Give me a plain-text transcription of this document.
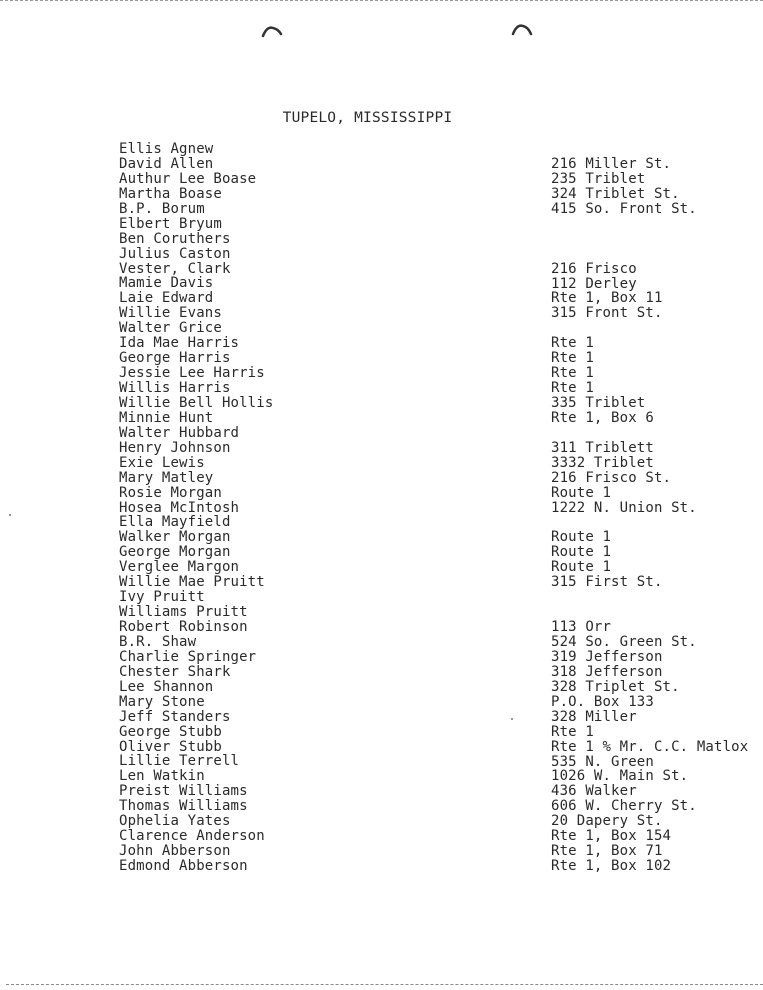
TUPELO, MISSISSIPPI
Ellis Agnew
David Allen
Authur Lee Boase
Martha Boase
B.P. Borum
Elbert Bryum
Ben Coruthers
Julius Caston
Vester, Clark
Mamie Davis
Laie Edward
Willie Evans
Walter Grice
Ida Mae Harris
George Harris
Jessie Lee Harris
Willis Harris
Willie Bell Hollis
Minnie Hunt
Walter Hubbard
Henry Johnson
Exie Lewis
Mary Matley
Rosie Morgan
Hosea McIntosh
Ella Mayfield
Walker Morgan
George Morgan
Verglee Margon
Willie Mae Pruitt
Ivy Pruitt
Williams Pruitt
Robert Robinson
B.R. Shaw
Charlie Springer
Chester Shark
Lee Shannon
Mary Stone
Jeff Standers
George Stubb
Oliver Stubb
Lillie Terrell
Len Watkin
Preist Williams
Thomas Williams
Ophelia Yates
Clarence Anderson
John Abberson
Edmond Abberson
216 Miller St.
235 Triblet
324 Triblet St.
415 So. Front St.
216 Frisco
112 Derley
Rte 1, Box 11
315 Front St.
Rte 1
Rte 1
Rte 1
Rte 1
335 Triblet
Rte 1, Box 6
311 Triblett
3332 Triblet
216 Frisco St.
Route 1
1222 N. Union St.
Route 1
Route 1
Route 1
315 First St.
113 Orr
524 So. Green St.
319 Jefferson
318 Jefferson
328 Triplet St.
P.O. Box 133
328 Miller
Rte 1
Rte 1 % Mr. C.C. Matlox
535 N. Green
1026 W. Main St.
436 Walker
606 W. Cherry St.
20 Dapery St.
Rte 1, Box 154
Rte 1, Box 71
Rte 1, Box 102
